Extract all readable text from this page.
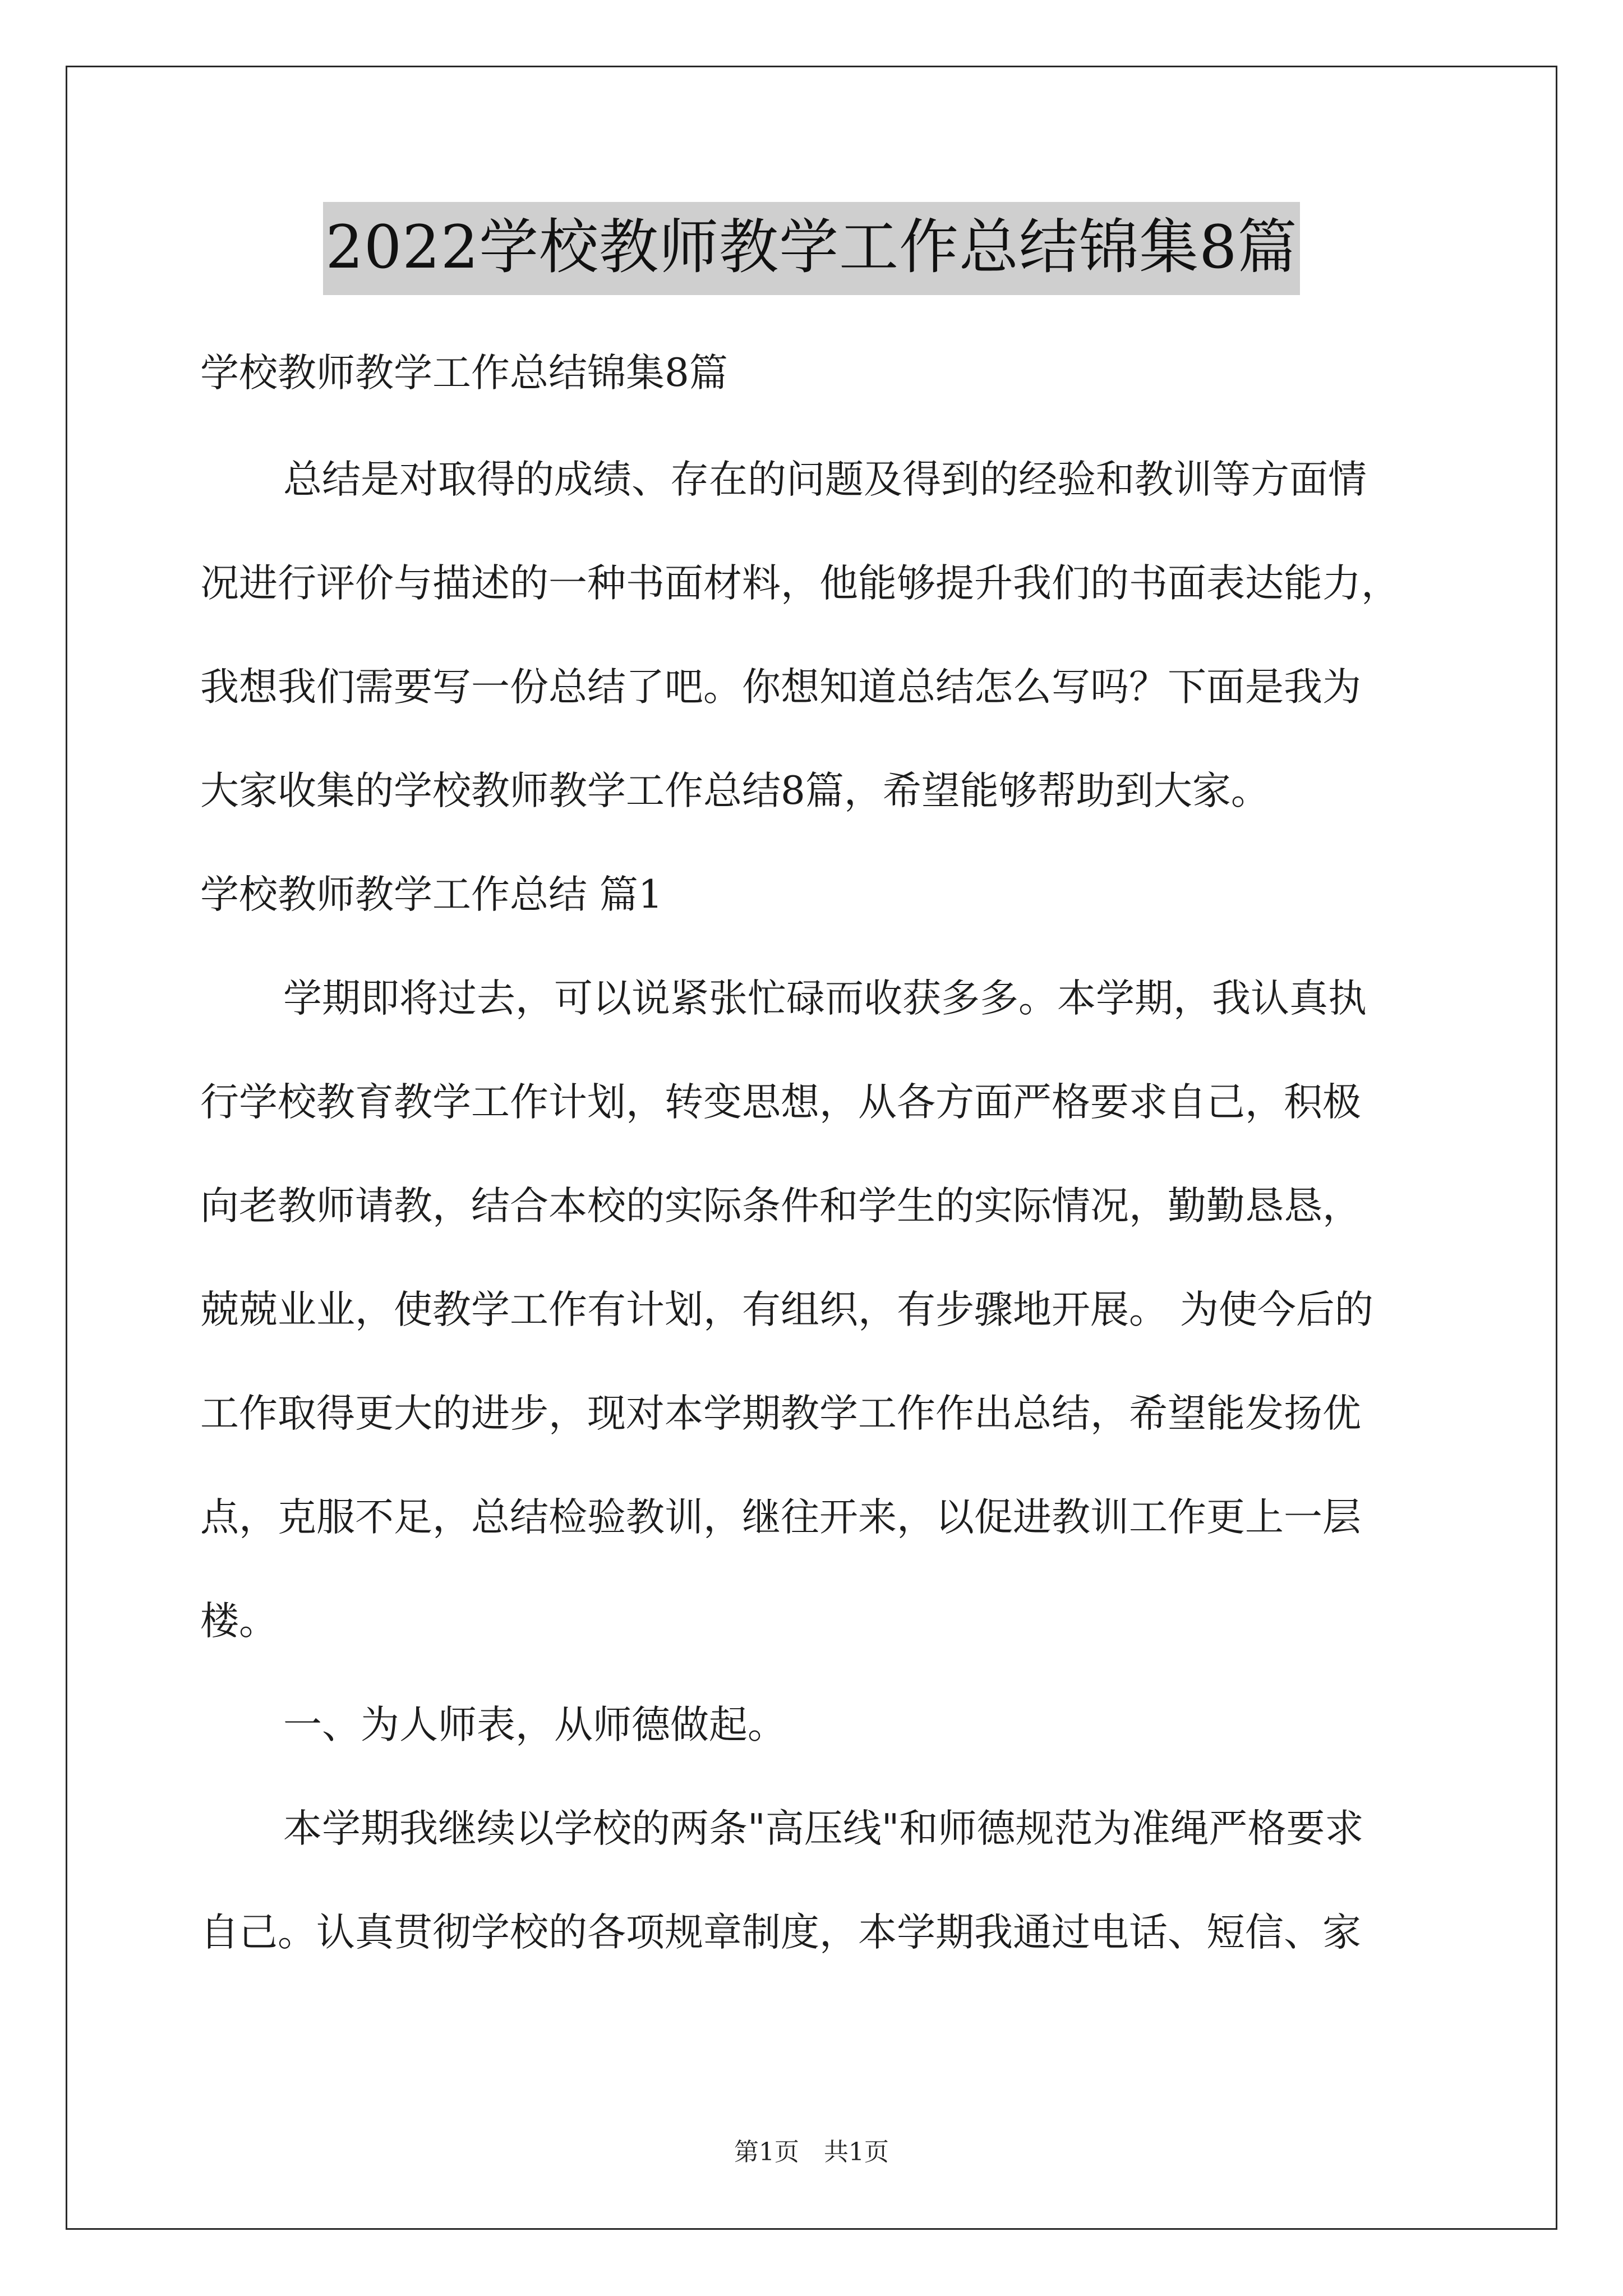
2022学校教师教学工作总结锦集8篇
学校教师教学工作总结锦集8篇
总结是对取得的成绩、存在的问题及得到的经验和教训等方面情
况进行评价与描述的一种书面材料，他能够提升我们的书面表达能力，
我想我们需要写一份总结了吧。你想知道总结怎么写吗？下面是我为
大家收集的学校教师教学工作总结8篇，希望能够帮助到大家。
学校教师教学工作总结 篇1
学期即将过去，可以说紧张忙碌而收获多多。本学期，我认真执
行学校教育教学工作计划，转变思想，从各方面严格要求自己，积极
向老教师请教，结合本校的实际条件和学生的实际情况，勤勤恳恳，
兢兢业业，使教学工作有计划，有组织，有步骤地开展。 为使今后的
工作取得更大的进步，现对本学期教学工作作出总结，希望能发扬优
点，克服不足，总结检验教训，继往开来，以促进教训工作更上一层
楼。
一、为人师表，从师德做起。
本学期我继续以学校的两条"高压线"和师德规范为准绳严格要求
自己。认真贯彻学校的各项规章制度，本学期我通过电话、短信、家
第1页　共1页
